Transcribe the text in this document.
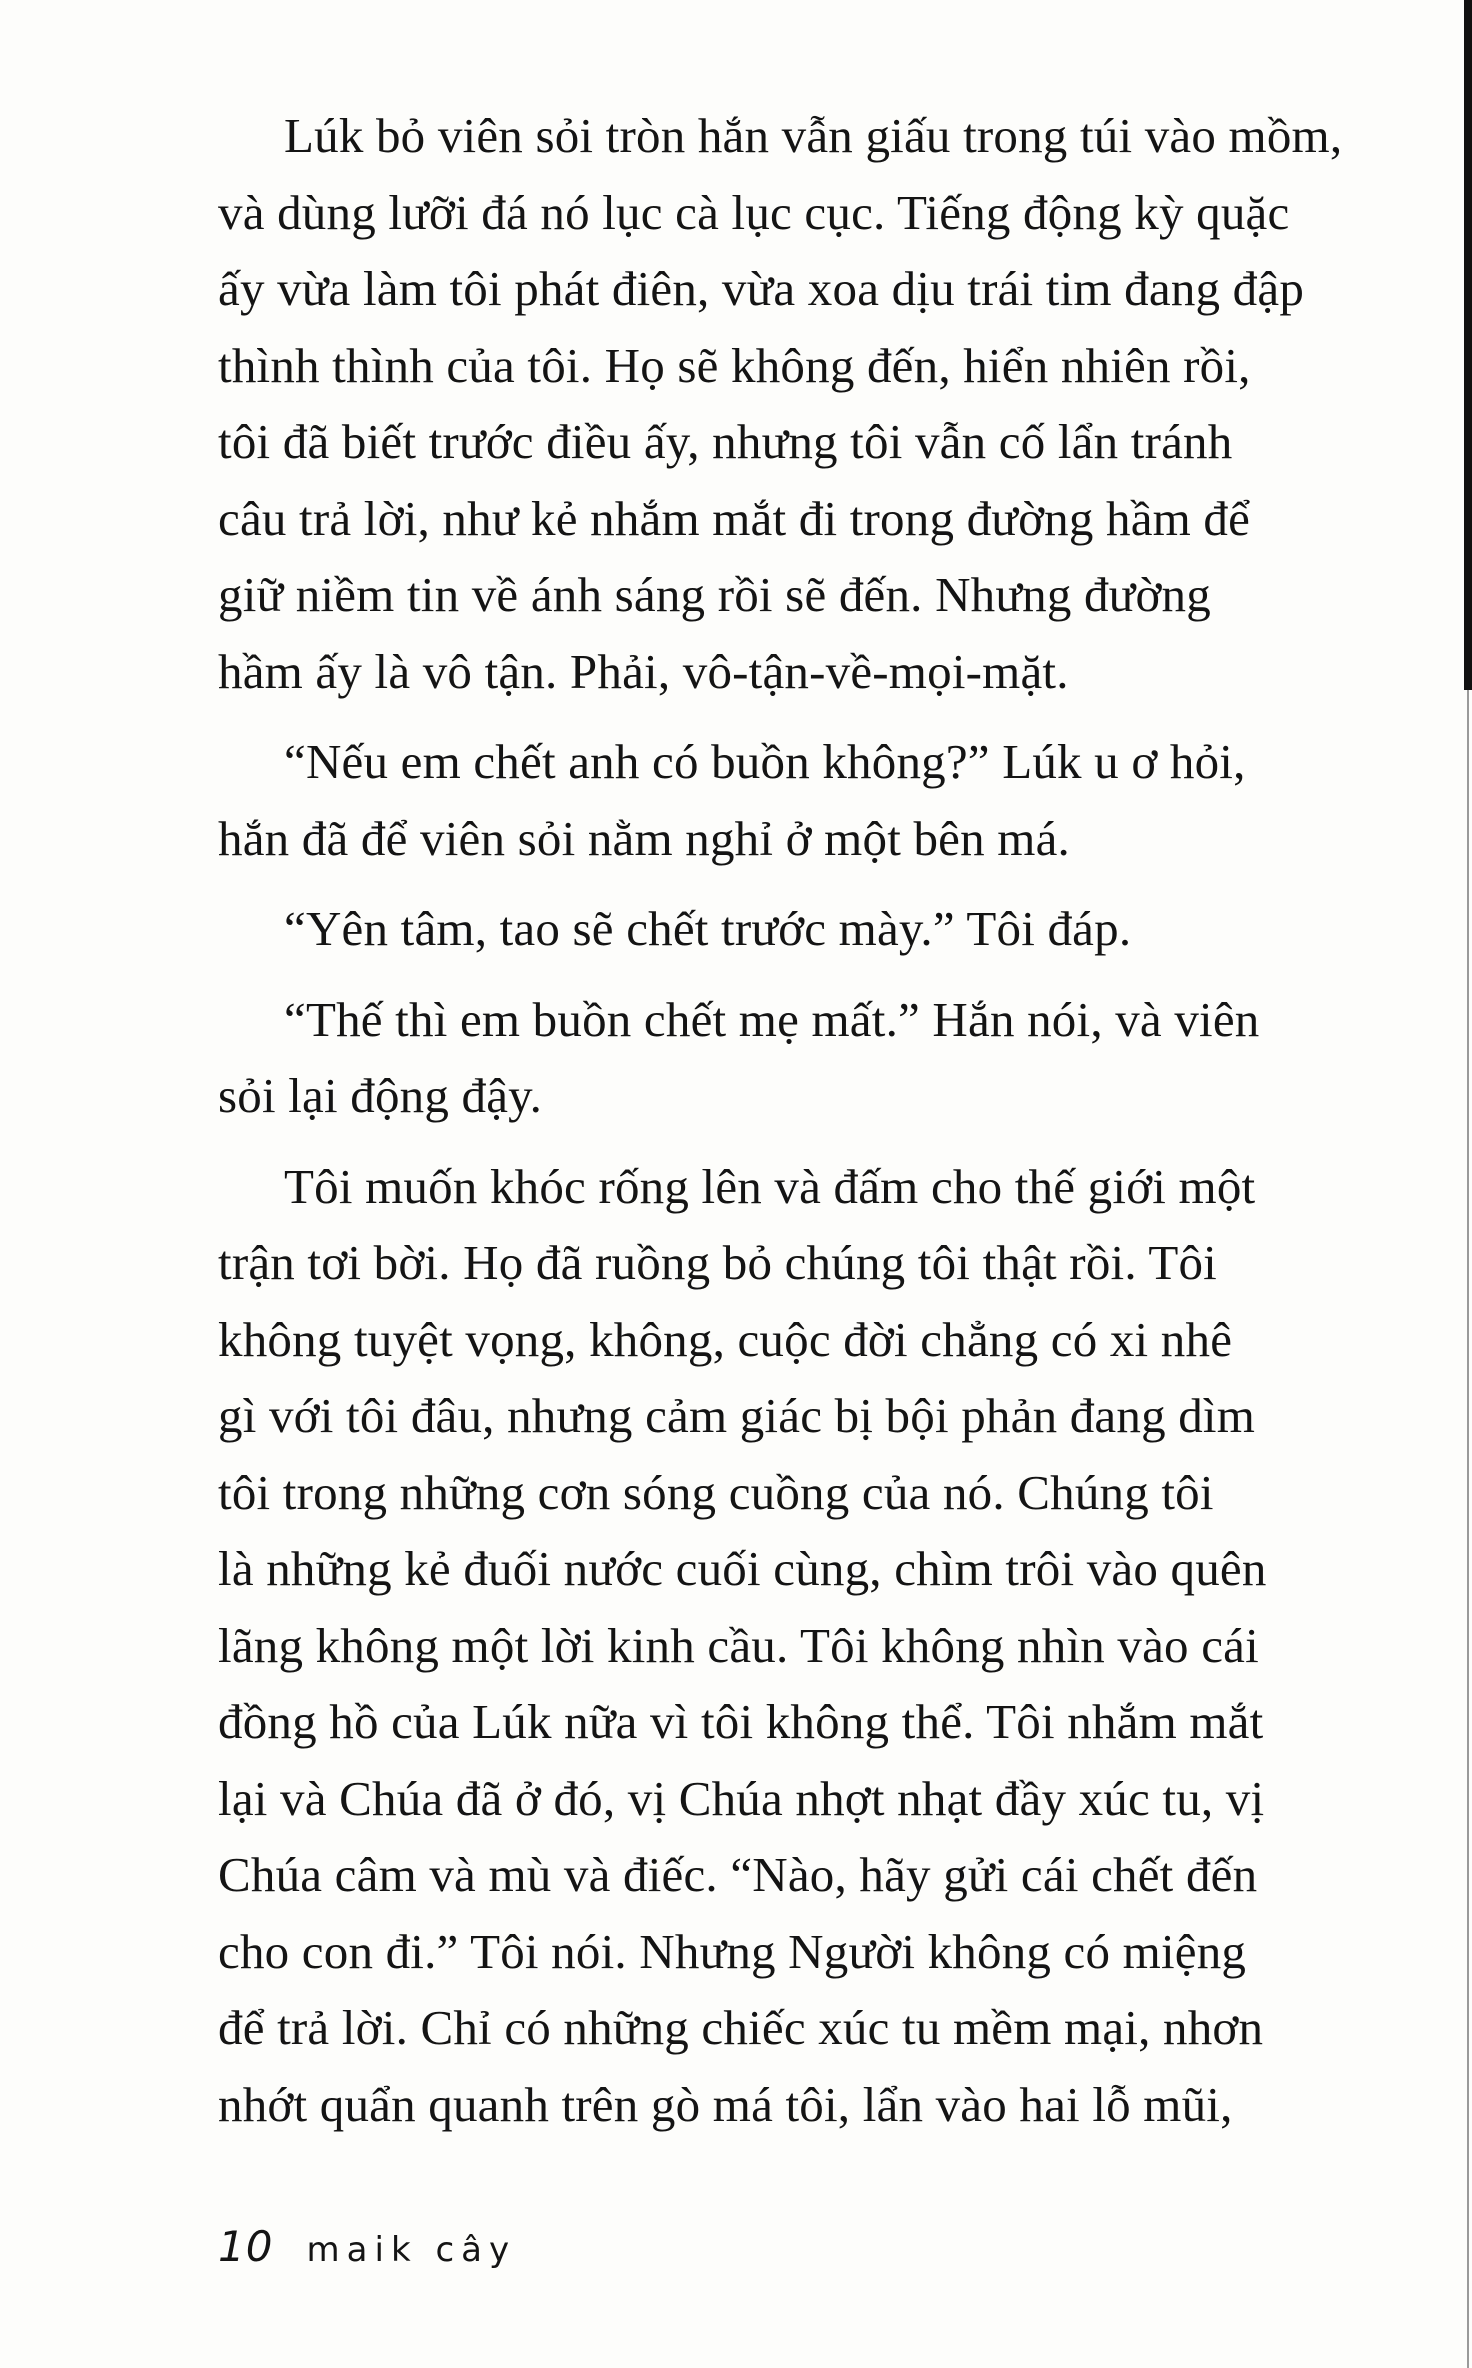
Lúk bỏ viên sỏi tròn hắn vẫn giấu trong túi vào mồm,
và dùng lưỡi đá nó lục cà lục cục. Tiếng động kỳ quặc
ấy vừa làm tôi phát điên, vừa xoa dịu trái tim đang đập
thình thình của tôi. Họ sẽ không đến, hiển nhiên rồi,
tôi đã biết trước điều ấy, nhưng tôi vẫn cố lẩn tránh
câu trả lời, như kẻ nhắm mắt đi trong đường hầm để
giữ niềm tin về ánh sáng rồi sẽ đến. Nhưng đường
hầm ấy là vô tận. Phải, vô-tận-về-mọi-mặt.
“Nếu em chết anh có buồn không?” Lúk u ơ hỏi,
hắn đã để viên sỏi nằm nghỉ ở một bên má.
“Yên tâm, tao sẽ chết trước mày.” Tôi đáp.
“Thế thì em buồn chết mẹ mất.” Hắn nói, và viên
sỏi lại động đậy.
Tôi muốn khóc rống lên và đấm cho thế giới một
trận tơi bời. Họ đã ruồng bỏ chúng tôi thật rồi. Tôi
không tuyệt vọng, không, cuộc đời chẳng có xi nhê
gì với tôi đâu, nhưng cảm giác bị bội phản đang dìm
tôi trong những cơn sóng cuồng của nó. Chúng tôi
là những kẻ đuối nước cuối cùng, chìm trôi vào quên
lãng không một lời kinh cầu. Tôi không nhìn vào cái
đồng hồ của Lúk nữa vì tôi không thể. Tôi nhắm mắt
lại và Chúa đã ở đó, vị Chúa nhợt nhạt đầy xúc tu, vị
Chúa câm và mù và điếc. “Nào, hãy gửi cái chết đến
cho con đi.” Tôi nói. Nhưng Người không có miệng
để trả lời. Chỉ có những chiếc xúc tu mềm mại, nhơn
nhớt quẩn quanh trên gò má tôi, lẩn vào hai lỗ mũi,
10 maik cây
